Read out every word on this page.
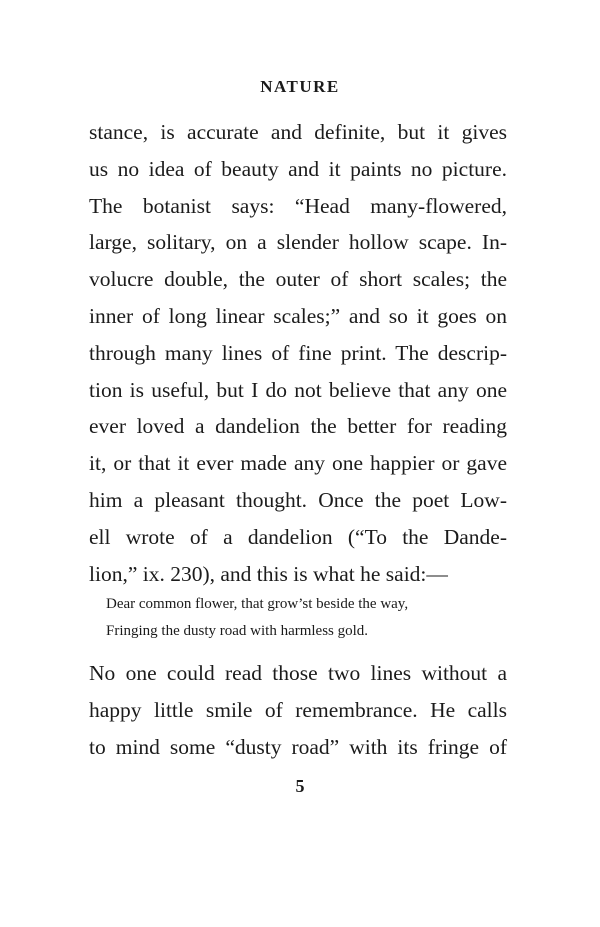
NATURE
stance, is accurate and definite, but it gives
us no idea of beauty and it paints no picture.
The botanist says: “Head many-flowered,
large, solitary, on a slender hollow scape. In-
volucre double, the outer of short scales; the
inner of long linear scales;” and so it goes on
through many lines of fine print. The descrip-
tion is useful, but I do not believe that any one
ever loved a dandelion the better for reading
it, or that it ever made any one happier or gave
him a pleasant thought. Once the poet Low-
ell wrote of a dandelion (“To the Dande-
lion,” ix. 230), and this is what he said:—
Dear common flower, that grow’st beside the way,
Fringing the dusty road with harmless gold.
No one could read those two lines without a
happy little smile of remembrance. He calls
to mind some “dusty road” with its fringe of
5
